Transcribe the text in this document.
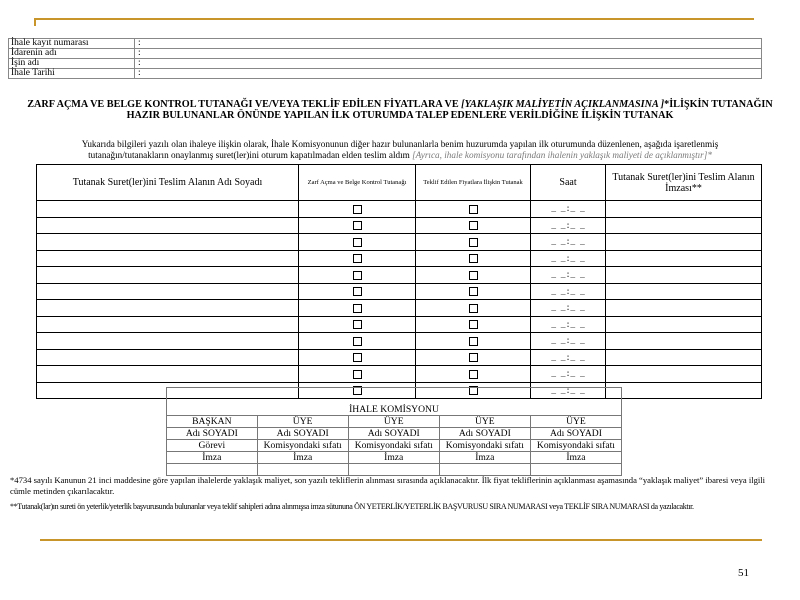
İhale kayıt numarası	:
İdarenin adı	:
İşin adı	:
İhale Tarihi	:
ZARF AÇMA VE BELGE KONTROL TUTANAĞI VE/VEYA TEKLİF EDİLEN FİYATLARA VE [YAKLAŞIK MALİYETİN AÇIKLANMASINA ]*İLİŞKİN TUTANAĞIN
HAZIR BULUNANLAR ÖNÜNDE YAPILAN İLK OTURUMDA TALEP EDENLERE VERİLDİĞİNE İLİŞKİN TUTANAK
Yukarıda bilgileri yazılı olan ihaleye ilişkin olarak, İhale Komisyonunun diğer hazır bulunanlarla benim huzurumda yapılan ilk oturumunda düzenlenen, aşağıda işaretlenmiş
tutanağın/tutanakların onaylanmış suret(ler)ini oturum kapatılmadan elden teslim aldım [Ayrıca, ihale komisyonu tarafından ihalenin yaklaşık maliyeti de açıklanmıştır]*
Tutanak Suret(ler)ini Teslim Alanın Adı Soyadı	Zarf Açma ve Belge Kontrol Tutanağı	Teklif Edilen Fiyatlara İlişkin Tutanak	Saat	Tutanak Suret(ler)ini Teslim Alanın İmzası**
			_ _:_ _	
			_ _:_ _	
			_ _:_ _	
			_ _:_ _	
			_ _:_ _	
			_ _:_ _	
			_ _:_ _	
			_ _:_ _	
			_ _:_ _	
			_ _:_ _	
			_ _:_ _	
			_ _:_ _	
İHALE KOMİSYONU				
BAŞKAN	ÜYE	ÜYE	ÜYE	ÜYE
Adı SOYADI	Adı SOYADI	Adı SOYADI	Adı SOYADI	Adı SOYADI
Görevi	Komisyondaki sıfatı	Komisyondaki sıfatı	Komisyondaki sıfatı	Komisyondaki sıfatı
İmza	İmza	İmza	İmza	İmza

*4734 sayılı Kanunun 21 inci maddesine göre yapılan ihalelerde yaklaşık maliyet, son yazılı tekliflerin alınması sırasında açıklanacaktır. İlk fiyat tekliflerinin açıklanması aşamasında “yaklaşık maliyet” ibaresi veya ilgili cümle metinden çıkarılacaktır.
**Tutanak(lar)ın sureti ön yeterlik/yeterlik başvurusunda bulunanlar veya teklif sahipleri adına alınmışsa imza sütununa ÖN YETERLİK/YETERLİK BAŞVURUSU SIRA NUMARASI veya TEKLİF SIRA NUMARASI da yazılacaktır.
51
